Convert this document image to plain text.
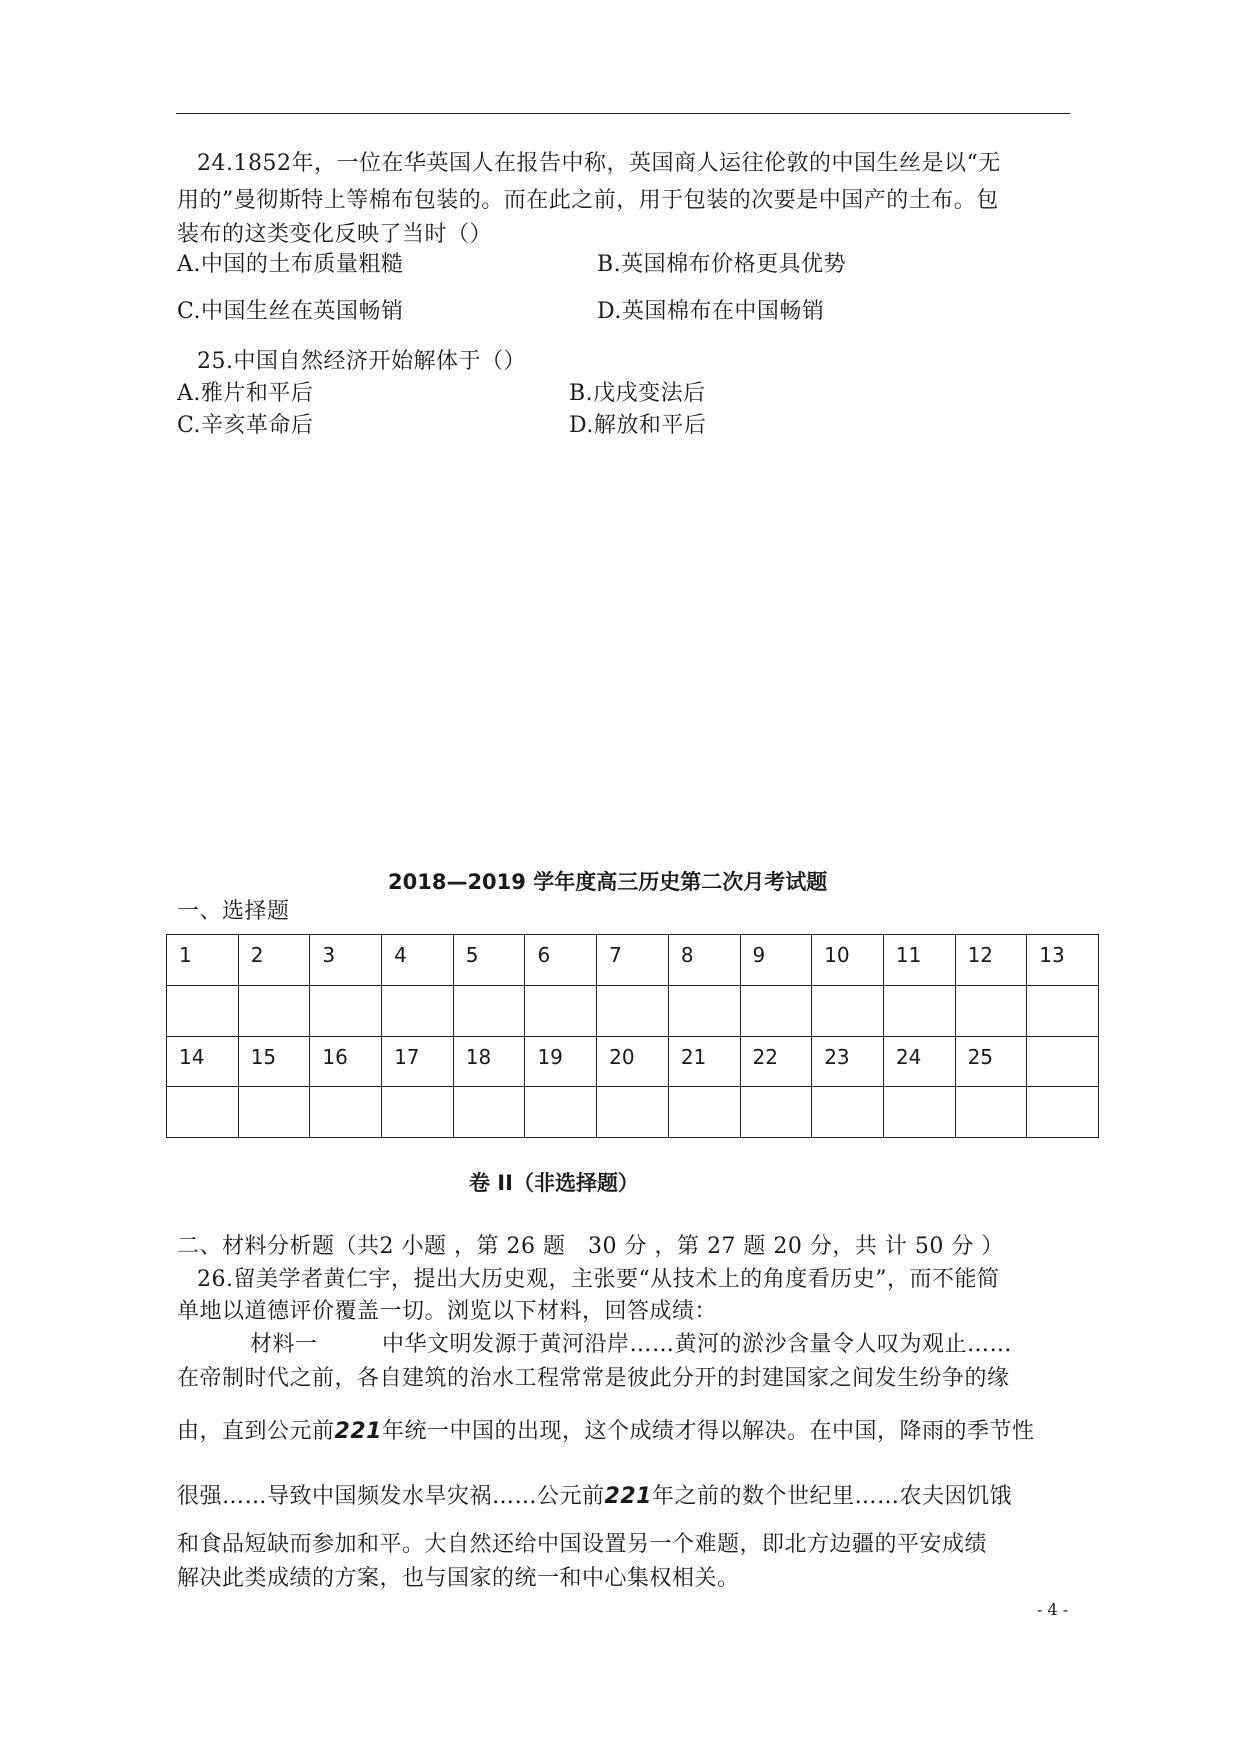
24.1852年，一位在华英国人在报告中称，英国商人运往伦敦的中国生丝是以“无
用的”曼彻斯特上等棉布包装的。而在此之前，用于包装的次要是中国产的土布。包
装布的这类变化反映了当时（）
A.中国的土布质量粗糙	B.英国棉布价格更具优势
C.中国生丝在英国畅销	D.英国棉布在中国畅销
25.中国自然经济开始解体于（）
A.雅片和平后	B.戊戌变法后
C.辛亥革命后	D.解放和平后
2018—2019 学年度高三历史第二次月考试题
一、选择题
1	2	3	4	5	6	7	8	9	10	11	12	13

14	15	16	17	18	19	20	21	22	23	24	25	

卷 II（非选择题）
二、材料分析题（共2 小题 ，第 26 题　30 分 ，第 27 题 20 分，共 计 50 分 ）
26.留美学者黄仁宇，提出大历史观，主张要“从技术上的角度看历史”，而不能简
单地以道德评价覆盖一切。浏览以下材料，回答成绩：
材料一	中华文明发源于黄河沿岸……黄河的淤沙含量令人叹为观止……
在帝制时代之前，各自建筑的治水工程常常是彼此分开的封建国家之间发生纷争的缘
由，直到公元前221年统一中国的出现，这个成绩才得以解决。在中国，降雨的季节性
很强……导致中国频发水旱灾祸……公元前221年之前的数个世纪里……农夫因饥饿
和食品短缺而参加和平。大自然还给中国设置另一个难题，即北方边疆的平安成绩
解决此类成绩的方案，也与国家的统一和中心集权相关。
- 4 -
